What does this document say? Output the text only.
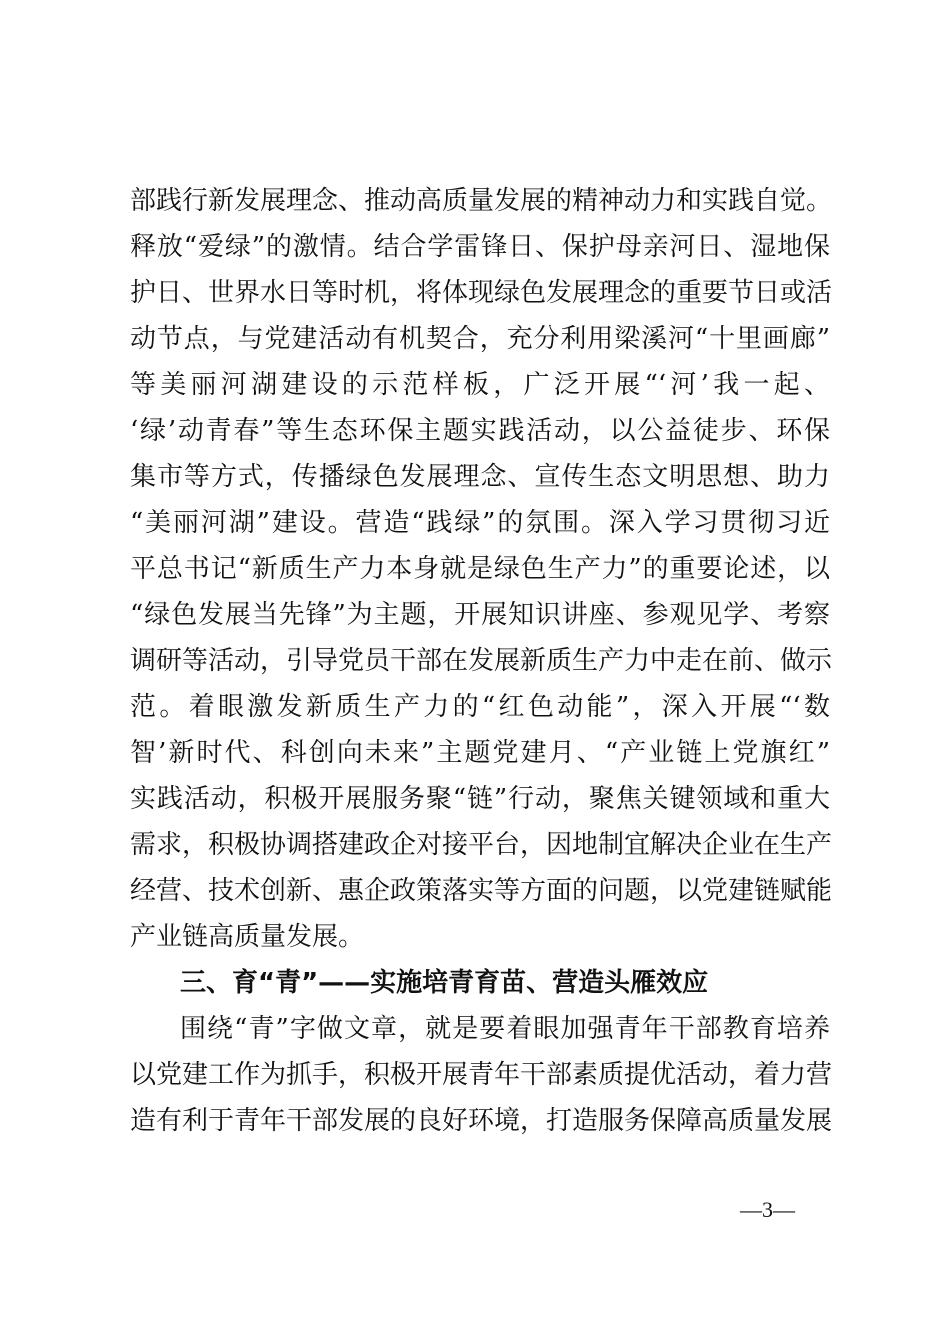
部践行新发展理念、推动高质量发展的精神动力和实践自觉。
释放“爱绿”的激情。结合学雷锋日、保护母亲河日、湿地保
护日、世界水日等时机，将体现绿色发展理念的重要节日或活
动节点，与党建活动有机契合，充分利用梁溪河“十里画廊”
等美丽河湖建设的示范样板，广泛开展“‘河’我一起、
‘绿’动青春”等生态环保主题实践活动，以公益徒步、环保
集市等方式，传播绿色发展理念、宣传生态文明思想、助力
“美丽河湖”建设。营造“践绿”的氛围。深入学习贯彻习近
平总书记“新质生产力本身就是绿色生产力”的重要论述，以
“绿色发展当先锋”为主题，开展知识讲座、参观见学、考察
调研等活动，引导党员干部在发展新质生产力中走在前、做示
范。着眼激发新质生产力的“红色动能”，深入开展“‘数
智’新时代、科创向未来”主题党建月、“产业链上党旗红”
实践活动，积极开展服务聚“链”行动，聚焦关键领域和重大
需求，积极协调搭建政企对接平台，因地制宜解决企业在生产
经营、技术创新、惠企政策落实等方面的问题，以党建链赋能
产业链高质量发展。
三、育“青”——实施培青育苗、营造头雁效应
围绕“青”字做文章，就是要着眼加强青年干部教育培养
以党建工作为抓手，积极开展青年干部素质提优活动，着力营
造有利于青年干部发展的良好环境，打造服务保障高质量发展
—3—
